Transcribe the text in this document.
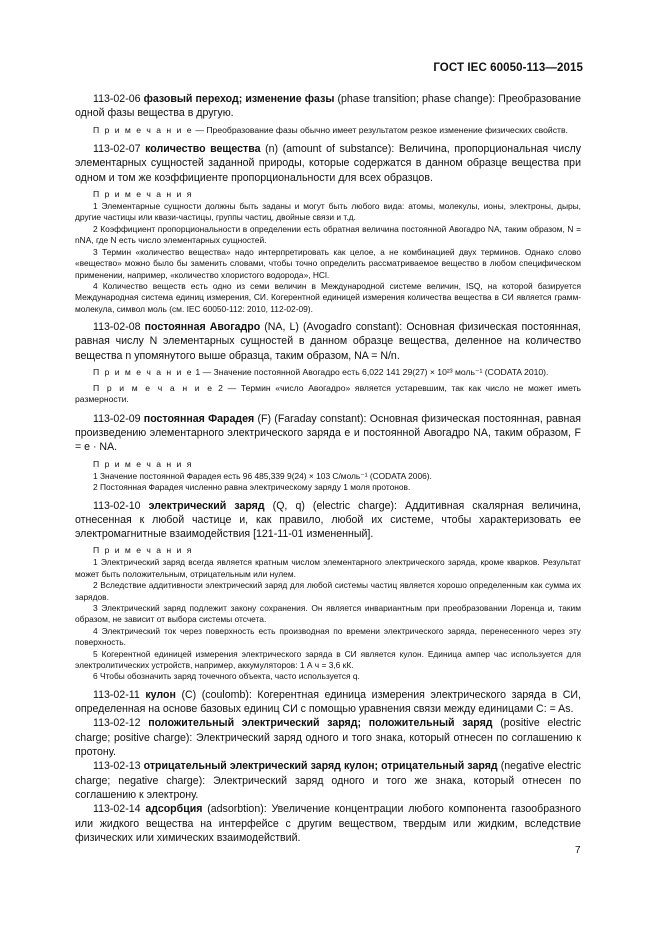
ГОСТ IEC 60050-113—2015

113-02-06 фазовый переход; изменение фазы (phase transition; phase change): Преобразование одной фазы вещества в другую.

П р и м е ч а н и е — Преобразование фазы обычно имеет результатом резкое изменение физических свойств.

113-02-07 количество вещества (n) (amount of substance): Величина, пропорциональная числу элементарных сущностей заданной природы, которые содержатся в данном образце вещества при одном и том же коэффициенте пропорциональности для всех образцов.

П р и м е ч а н и я

1 Элементарные сущности должны быть заданы и могут быть любого вида: атомы, молекулы, ионы, электроны, дыры, другие частицы или квази-частицы, группы частиц, двойные связи и т.д.

2 Коэффициент пропорциональности в определении есть обратная величина постоянной Авогадро NA, таким образом, N = nNA, где N есть число элементарных сущностей.

3 Термин «количество вещества» надо интерпретировать как целое, а не комбинацией двух терминов. Однако слово «вещество» можно было бы заменить словами, чтобы точно определить рассматриваемое вещество в любом специфическом применении, например, «количество хлористого водорода», HCl.

4 Количество веществ есть одно из семи величин в Международной системе величин, ISQ, на которой базируется Международная система единиц измерения, СИ. Когерентной единицей измерения количества вещества в СИ является грамм-молекула, символ моль (см. IEC 60050-112: 2010, 112-02-09).

113-02-08 постоянная Авогадро (NA, L) (Avogadro constant): Основная физическая постоянная, равная числу N элементарных сущностей в данном образце вещества, деленное на количество вещества n упомянутого выше образца, таким образом, NA = N/n.

П р и м е ч а н и е 1 — Значение постоянной Авогадро есть 6,022 141 29(27) × 10²³ моль⁻¹ (CODATA 2010).

П р и м е ч а н и е 2 — Термин «число Авогадро» является устаревшим, так как число не может иметь размерности.

113-02-09 постоянная Фарадея (F) (Faraday constant): Основная физическая постоянная, равная произведению элементарного электрического заряда e и постоянной Авогадро NA, таким образом, F = e · NA.

П р и м е ч а н и я

1 Значение постоянной Фарадея есть 96 485,339 9(24) × 103 C/моль⁻¹ (CODATA 2006).

2 Постоянная Фарадея численно равна электрическому заряду 1 моля протонов.

113-02-10 электрический заряд (Q, q) (electric charge): Аддитивная скалярная величина, отнесенная к любой частице и, как правило, любой их системе, чтобы характеризовать ее электромагнитные взаимодействия [121-11-01 измененный].

П р и м е ч а н и я

1 Электрический заряд всегда является кратным числом элементарного электрического заряда, кроме кварков. Результат может быть положительным, отрицательным или нулем.

2 Вследствие аддитивности электрический заряд для любой системы частиц является хорошо определенным как сумма их зарядов.

3 Электрический заряд подлежит закону сохранения. Он является инвариантным при преобразовании Лоренца и, таким образом, не зависит от выбора системы отсчета.

4 Электрический ток через поверхность есть производная по времени электрического заряда, перенесенного через эту поверхность.

5 Когерентной единицей измерения электрического заряда в СИ является кулон. Единица ампер час используется для электролитических устройств, например, аккумуляторов: 1 А ч = 3,6 кК.

6 Чтобы обозначить заряд точечного объекта, часто используется q.

113-02-11 кулон (C) (coulomb): Когерентная единица измерения электрического заряда в СИ, определенная на основе базовых единиц СИ с помощью уравнения связи между единицами C: = As.

113-02-12 положительный электрический заряд; положительный заряд (positive electric charge; positive charge): Электрический заряд одного и того знака, который отнесен по соглашению к протону.

113-02-13 отрицательный электрический заряд кулон; отрицательный заряд (negative electric charge; negative charge): Электрический заряд одного и того же знака, который отнесен по соглашению к электрону.

113-02-14 адсорбция (adsorbtion): Увеличение концентрации любого компонента газообразного или жидкого вещества на интерфейсе с другим веществом, твердым или жидким, вследствие физических или химических взаимодействий.

7
